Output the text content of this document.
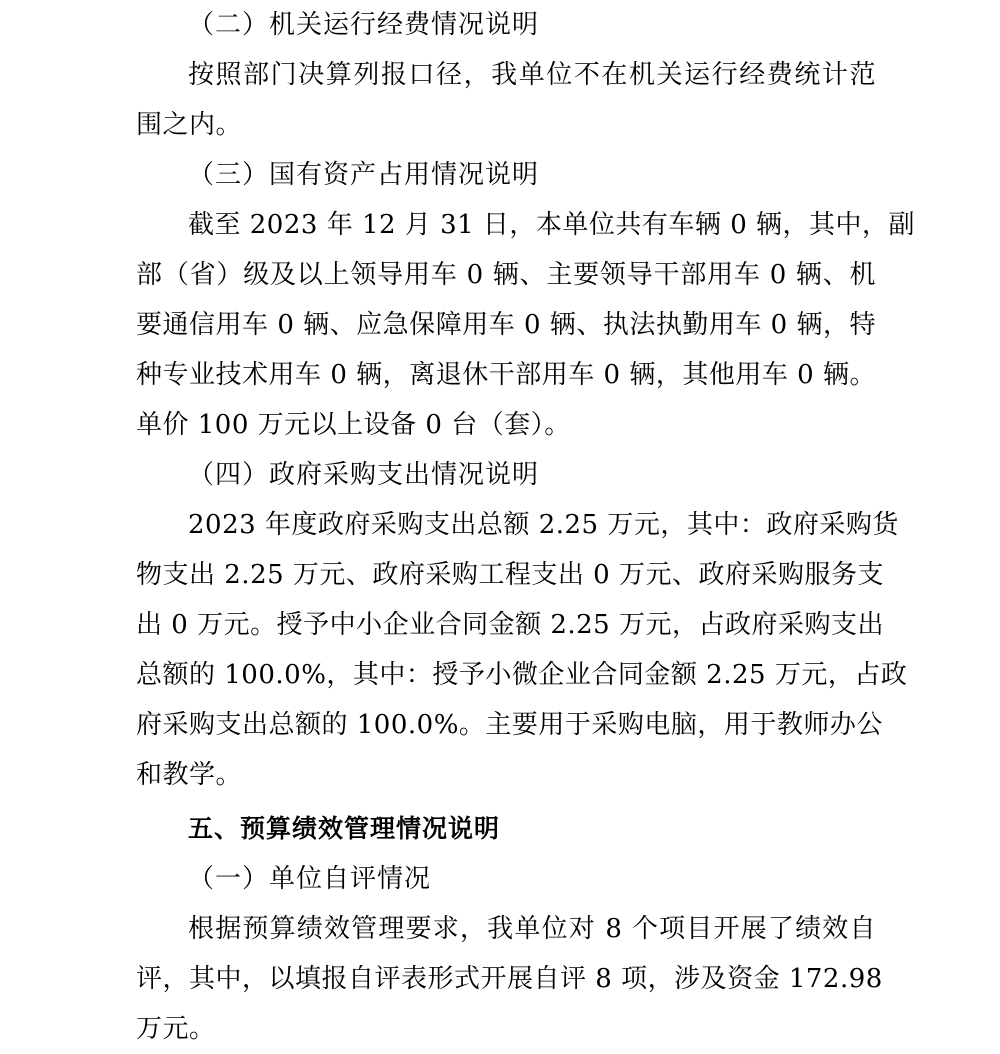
（二）机关运行经费情况说明
按照部门决算列报口径，我单位不在机关运行经费统计范
围之内。
（三）国有资产占用情况说明
截至 2023 年 12 月 31 日，本单位共有车辆 0 辆，其中，副
部（省）级及以上领导用车 0 辆、主要领导干部用车 0 辆、机
要通信用车 0 辆、应急保障用车 0 辆、执法执勤用车 0 辆，特
种专业技术用车 0 辆，离退休干部用车 0 辆，其他用车 0 辆。
单价 100 万元以上设备 0 台（套）。
（四）政府采购支出情况说明
2023 年度政府采购支出总额 2.25 万元，其中：政府采购货
物支出 2.25 万元、政府采购工程支出 0 万元、政府采购服务支
出 0 万元。授予中小企业合同金额 2.25 万元，占政府采购支出
总额的 100.0%，其中：授予小微企业合同金额 2.25 万元，占政
府采购支出总额的 100.0%。主要用于采购电脑，用于教师办公
和教学。
五、预算绩效管理情况说明
（一）单位自评情况
根据预算绩效管理要求，我单位对 8 个项目开展了绩效自
评，其中，以填报自评表形式开展自评 8 项，涉及资金 172.98
万元。
